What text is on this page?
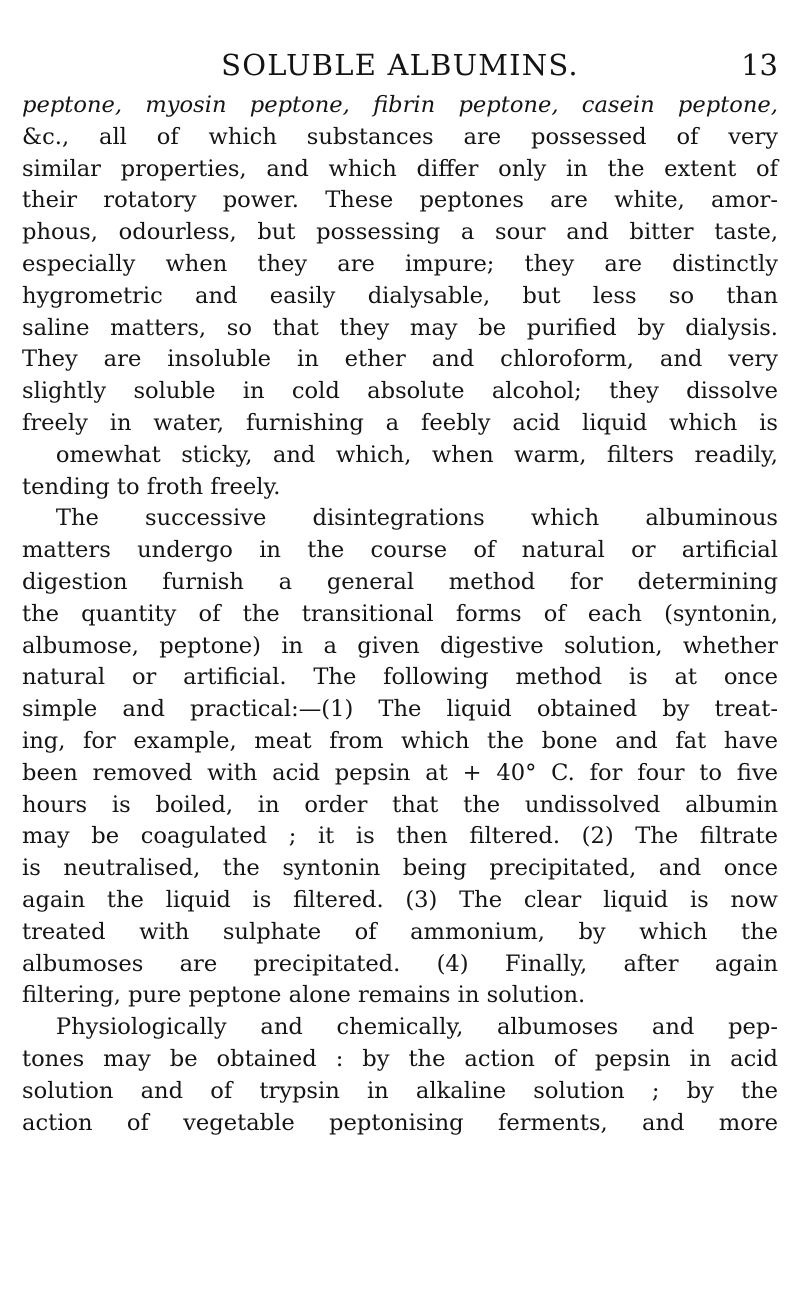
SOLUBLE ALBUMINS.	13
peptone, myosin peptone, fibrin peptone, casein peptone,
&c., all of which substances are possessed of very
similar properties, and which differ only in the extent of
their rotatory power. These peptones are white, amor-
phous, odourless, but possessing a sour and bitter taste,
especially when they are impure; they are distinctly
hygrometric and easily dialysable, but less so than
saline matters, so that they may be purified by dialysis.
They are insoluble in ether and chloroform, and very
slightly soluble in cold absolute alcohol; they dissolve
freely in water, furnishing a feebly acid liquid which is
omewhat sticky, and which, when warm, filters readily,
tending to froth freely.
The successive disintegrations which albuminous
matters undergo in the course of natural or artificial
digestion furnish a general method for determining
the quantity of the transitional forms of each (syntonin,
albumose, peptone) in a given digestive solution, whether
natural or artificial. The following method is at once
simple and practical:—(1) The liquid obtained by treat-
ing, for example, meat from which the bone and fat have
been removed with acid pepsin at + 40° C. for four to five
hours is boiled, in order that the undissolved albumin
may be coagulated ; it is then filtered. (2) The filtrate
is neutralised, the syntonin being precipitated, and once
again the liquid is filtered. (3) The clear liquid is now
treated with sulphate of ammonium, by which the
albumoses are precipitated. (4) Finally, after again
filtering, pure peptone alone remains in solution.
Physiologically and chemically, albumoses and pep-
tones may be obtained : by the action of pepsin in acid
solution and of trypsin in alkaline solution ; by the
action of vegetable peptonising ferments, and more
